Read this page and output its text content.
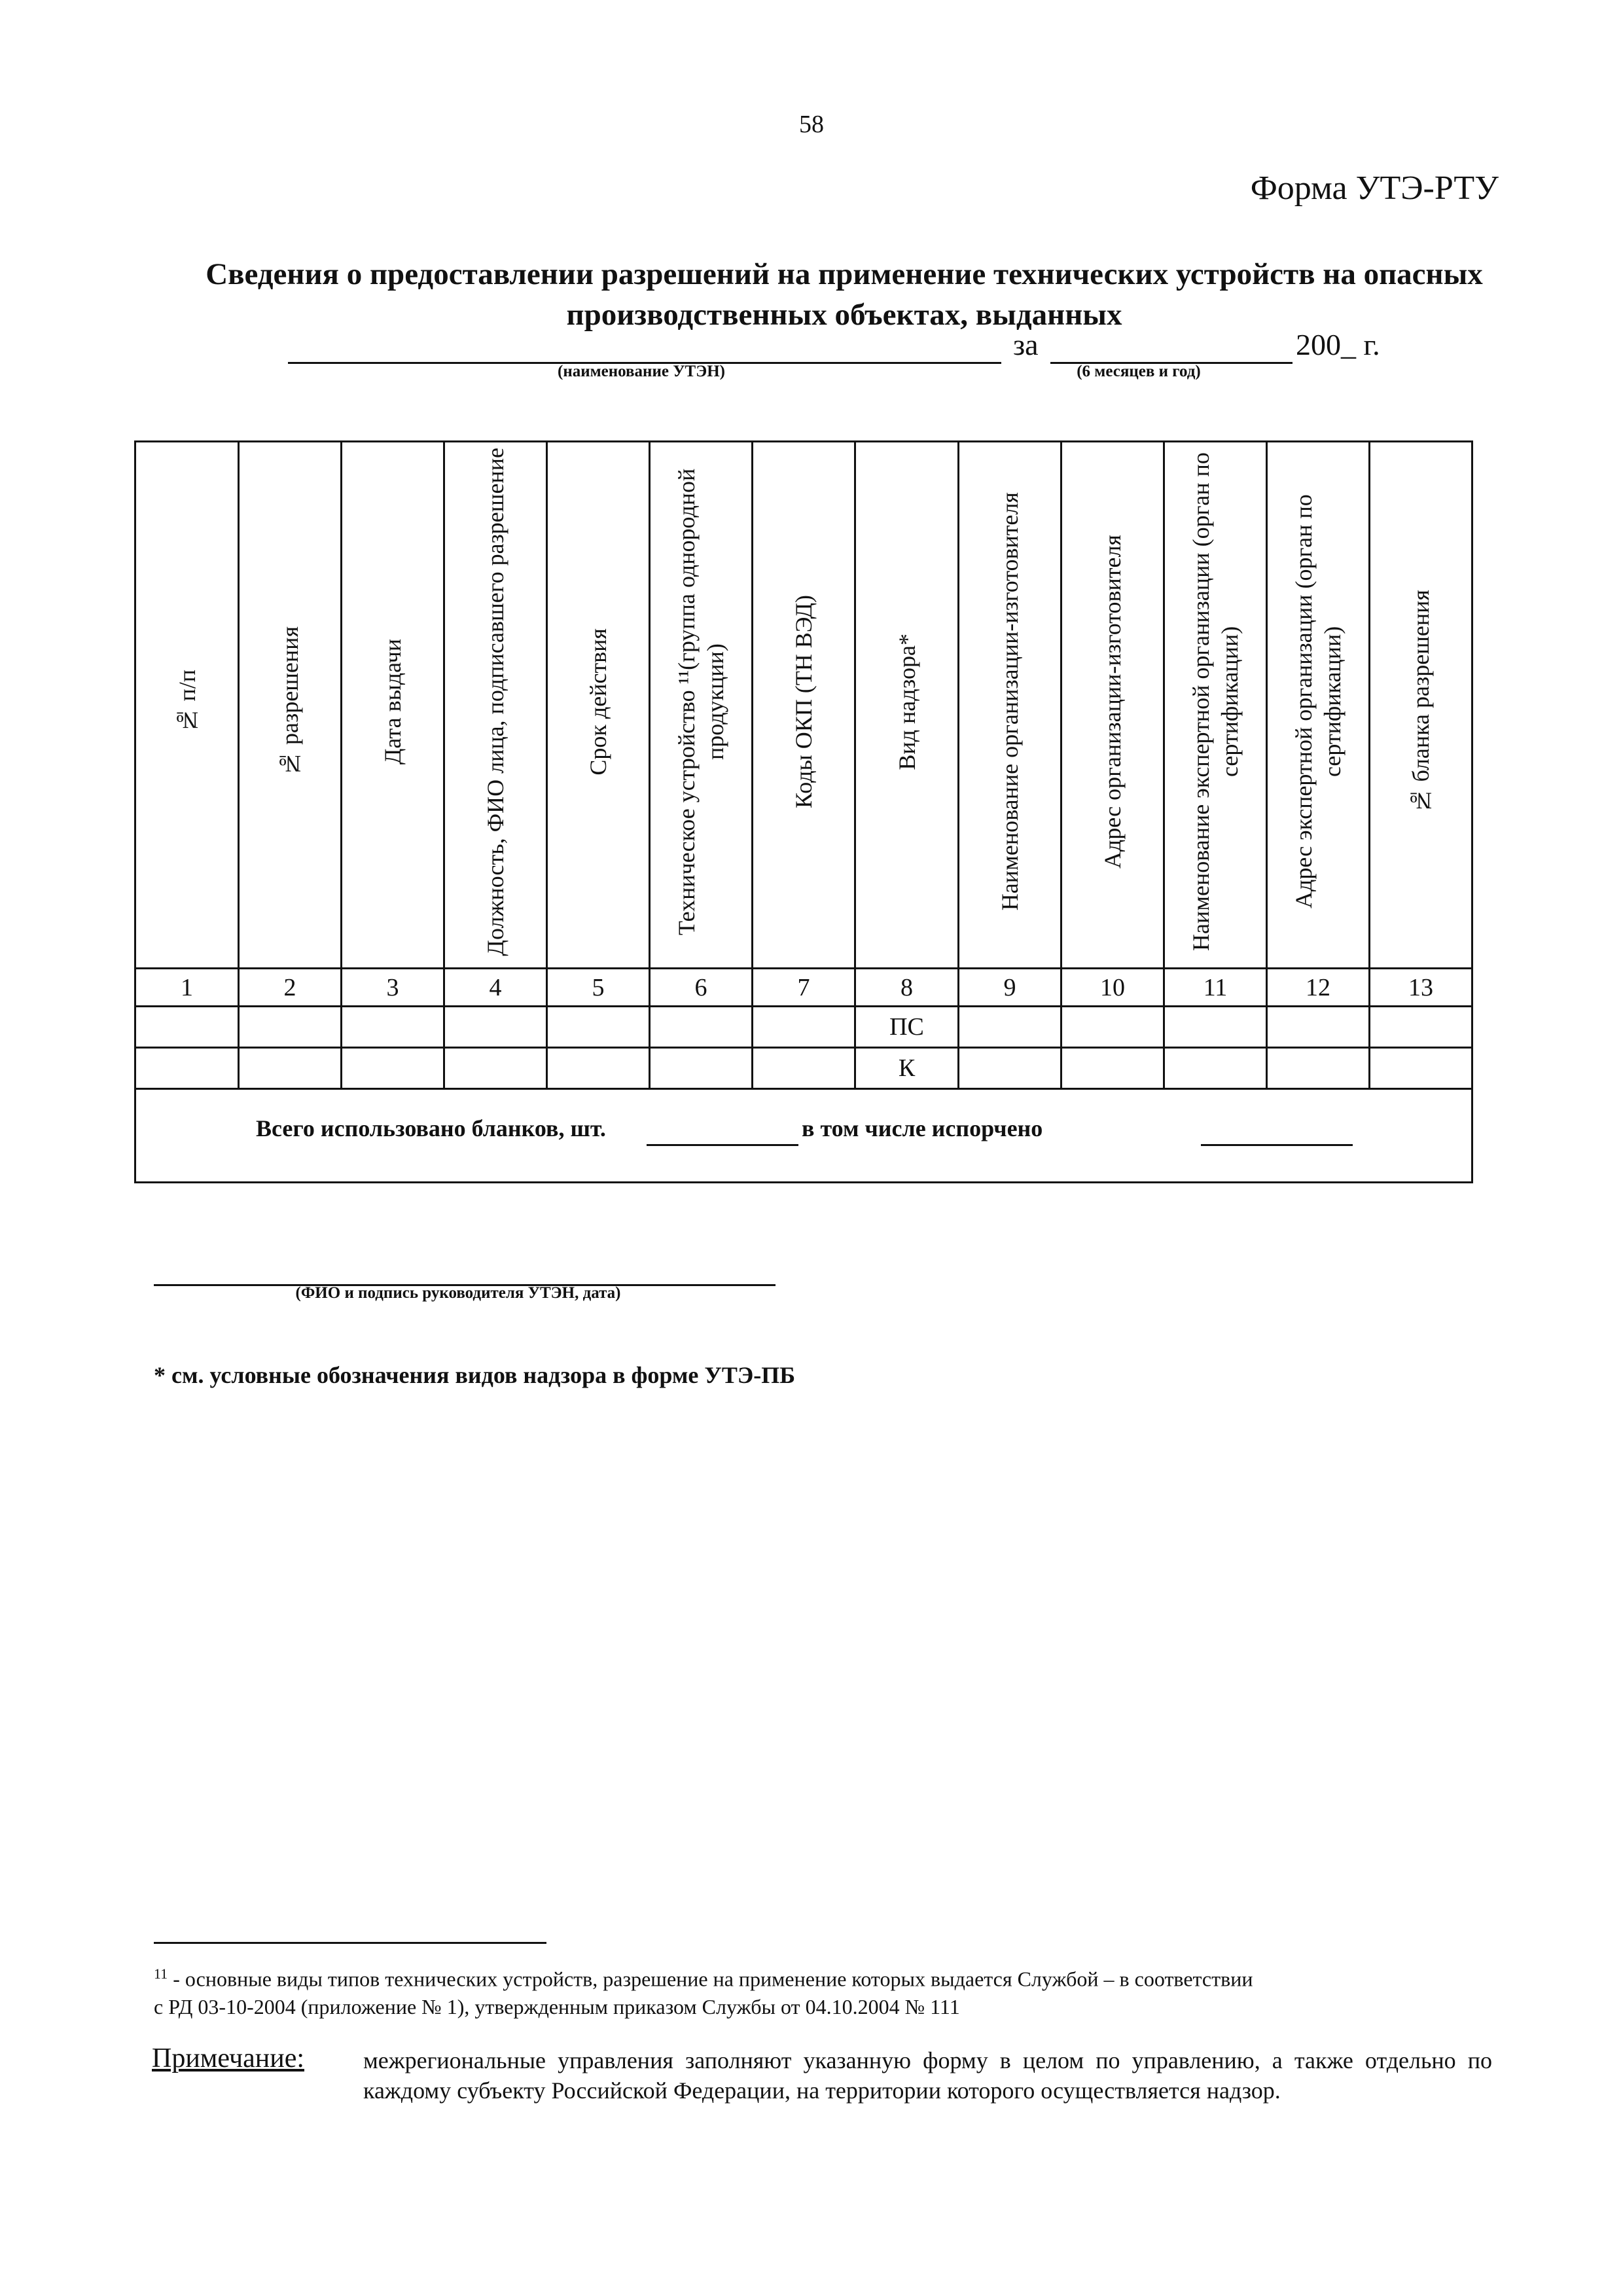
58
Форма УТЭ-РТУ
Сведения о предоставлении разрешений на применение технических устройств на опасных
производственных объектах, выданных
за	200_ г.
(наименование УТЭН)	(6 месяцев и год)
№ п/п	№ разрешения	Дата выдачи	Должность, ФИО лица, подписавшего разрешение	Срок действия	Техническое устройство ¹¹(группа однородной продукции)	Коды ОКП (ТН ВЭД)	Вид надзора*	Наименование организации-изготовителя	Адрес организации-изготовителя	Наименование экспертной организации (орган по сертификации)	Адрес экспертной организации (орган по сертификации)	№ бланка разрешения
1	2	3	4	5	6	7	8	9	10	11	12	13
							ПС					
							К					

Всего использовано бланков, шт. в том числе испорчено												
(ФИО и подпись руководителя УТЭН, дата)
* см. условные обозначения видов надзора в форме УТЭ-ПБ
$^{11}$ - основные виды типов технических устройств, разрешение на применение которых выдается Службой – в соответствии
с РД 03-10-2004 (приложение № 1), утвержденным приказом Службы от 04.10.2004 № 111
Примечание: межрегиональные управления заполняют указанную форму в целом по управлению, а также отдельно по каждому субъекту Российской Федерации, на территории которого осуществляется надзор.
